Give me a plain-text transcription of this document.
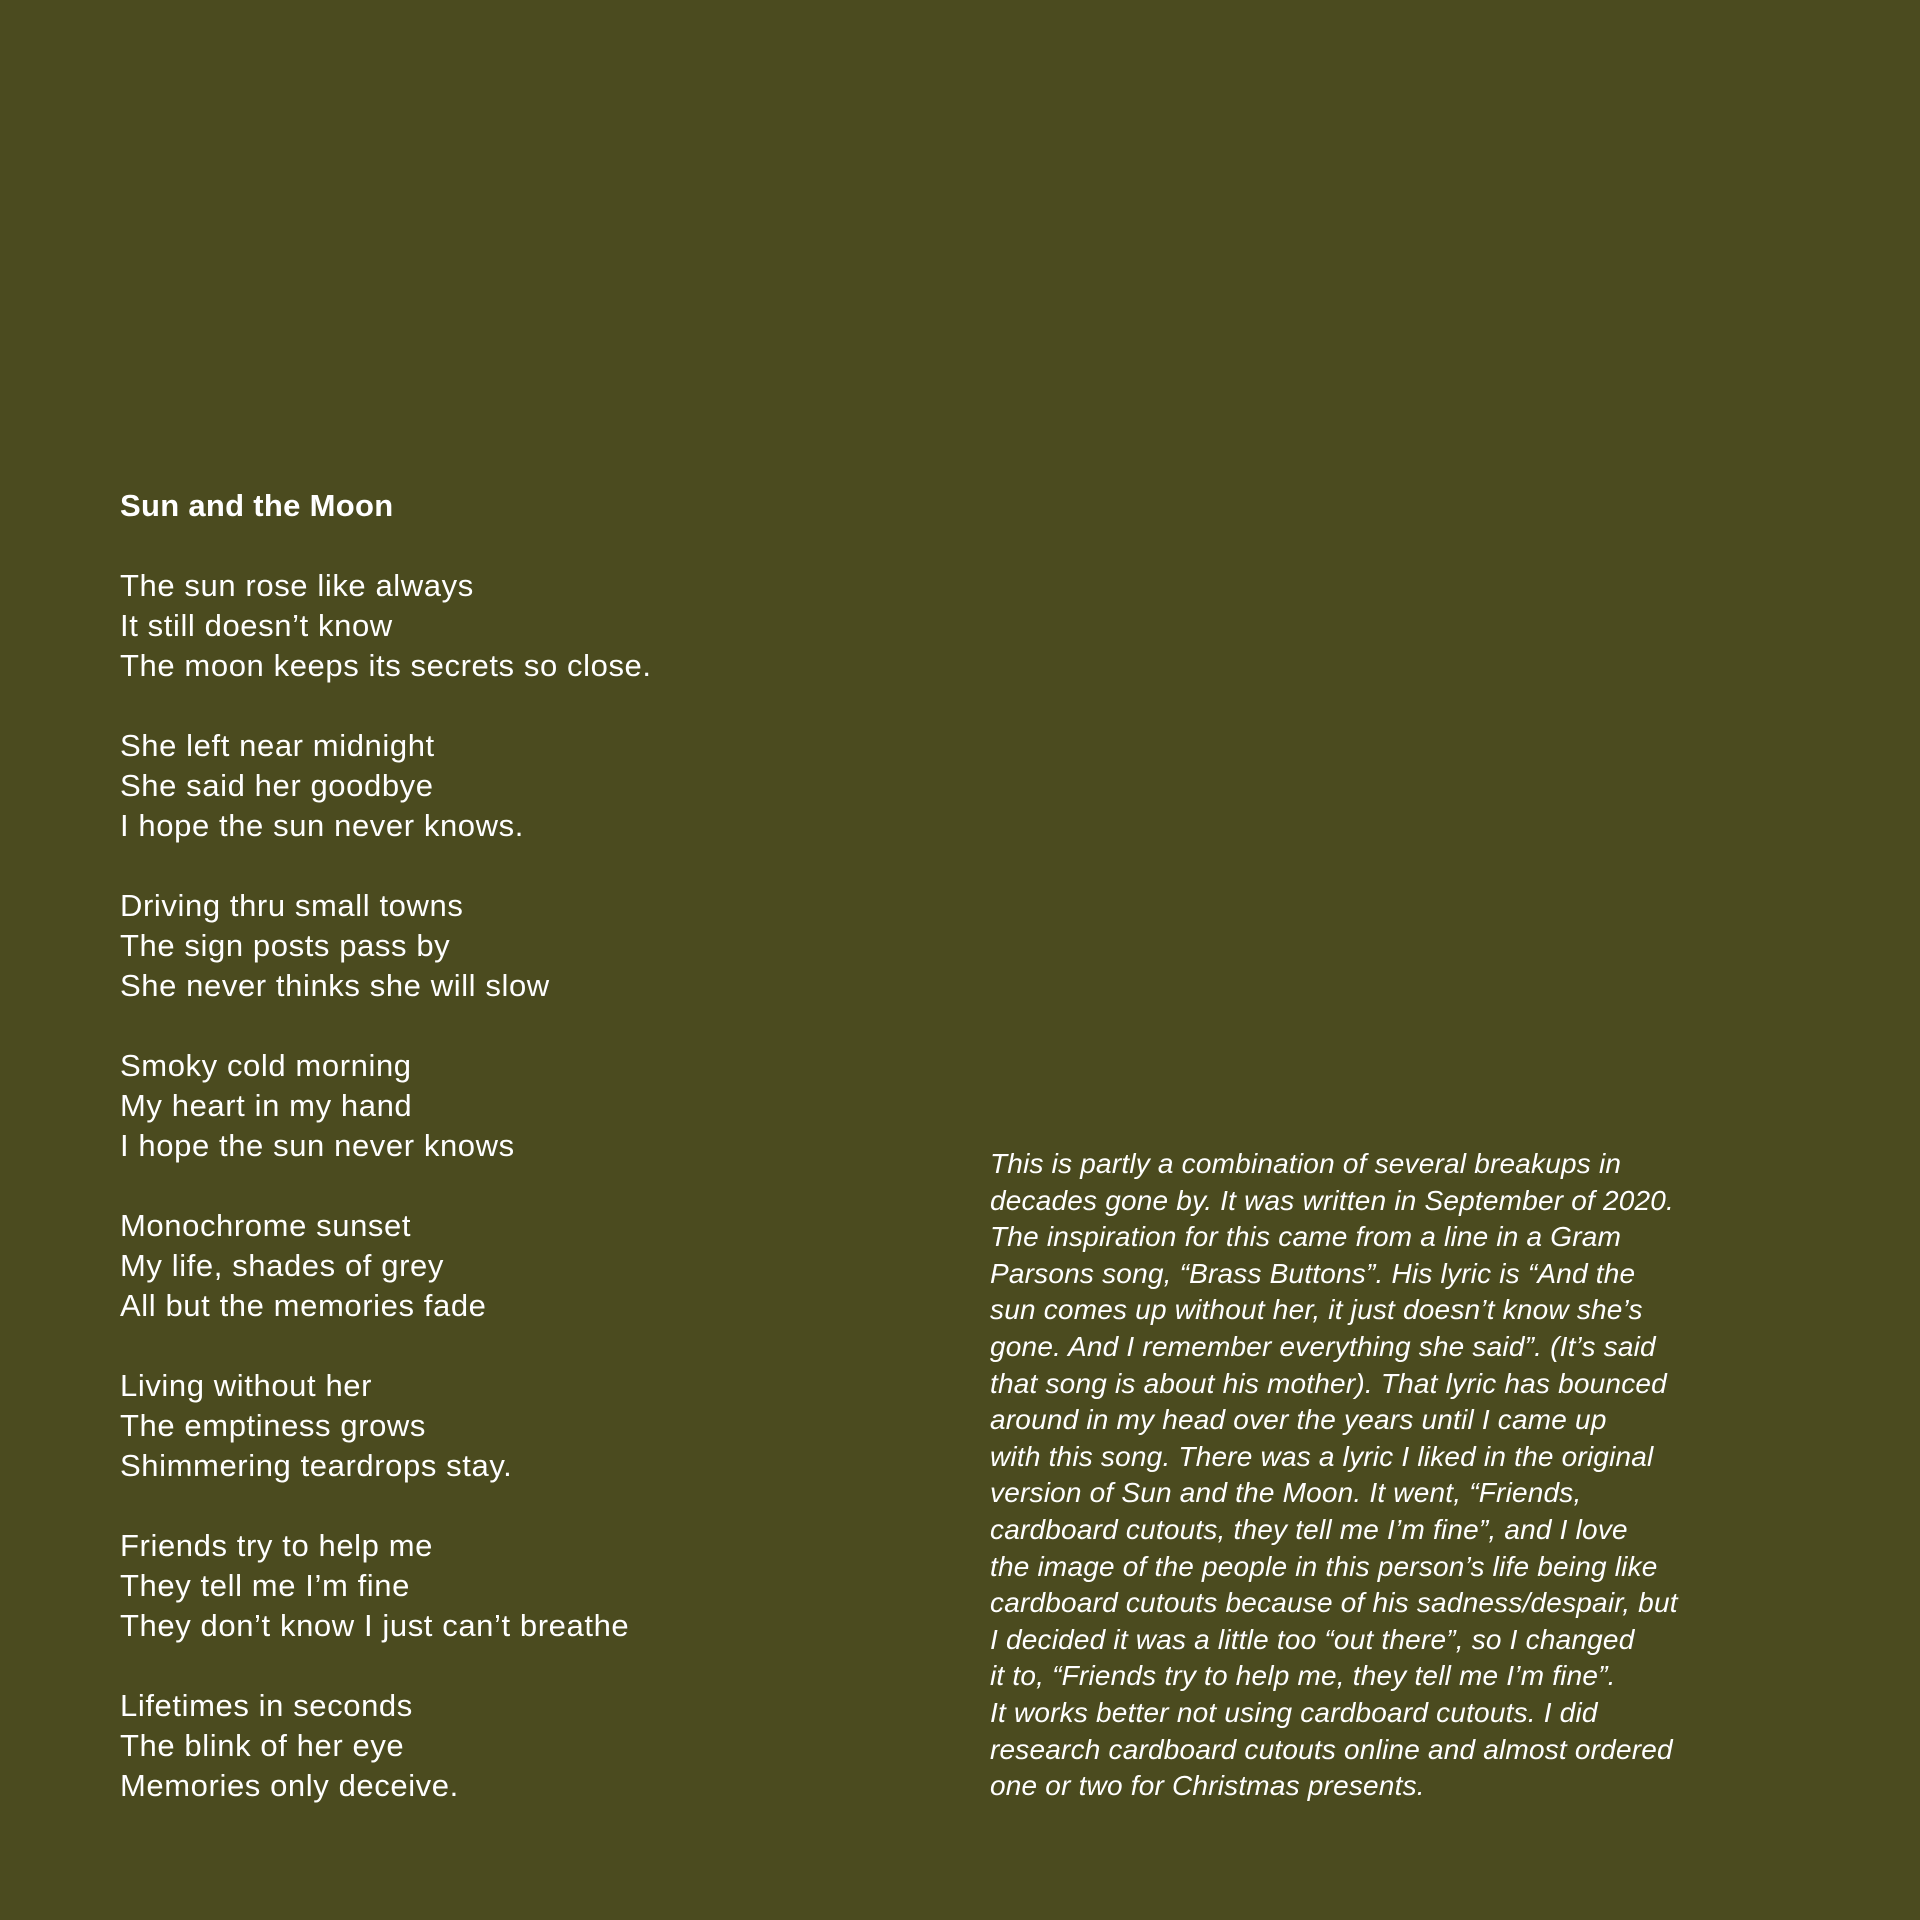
Sun and the Moon
The sun rose like always
It still doesn’t know
The moon keeps its secrets so close.
She left near midnight
She said her goodbye
I hope the sun never knows.
Driving thru small towns
The sign posts pass by
She never thinks she will slow
Smoky cold morning
My heart in my hand
I hope the sun never knows
Monochrome sunset
My life, shades of grey
All but the memories fade
Living without her
The emptiness grows
Shimmering teardrops stay.
Friends try to help me
They tell me I’m fine
They don’t know I just can’t breathe
Lifetimes in seconds
The blink of her eye
Memories only deceive.
This is partly a combination of several breakups in
decades gone by. It was written in September of 2020.
The inspiration for this came from a line in a Gram
Parsons song, “Brass Buttons”. His lyric is “And the
sun comes up without her, it just doesn’t know she’s
gone. And I remember everything she said”. (It’s said
that song is about his mother). That lyric has bounced
around in my head over the years until I came up
with this song. There was a lyric I liked in the original
version of Sun and the Moon. It went, “Friends,
cardboard cutouts, they tell me I’m fine”, and I love
the image of the people in this person’s life being like
cardboard cutouts because of his sadness/despair, but
I decided it was a little too “out there”, so I changed
it to, “Friends try to help me, they tell me I’m fine”.
It works better not using cardboard cutouts. I did
research cardboard cutouts online and almost ordered
one or two for Christmas presents.
